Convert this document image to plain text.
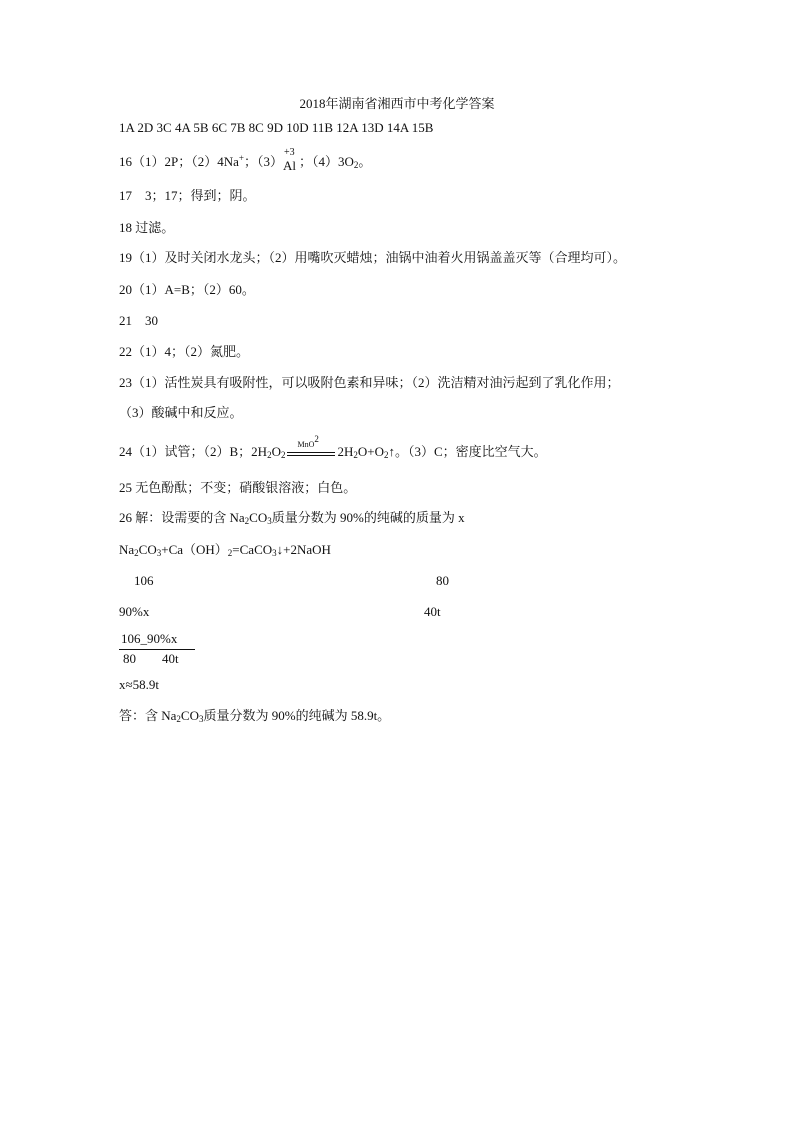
2018年湖南省湘西市中考化学答案
1A 2D 3C 4A 5B 6C 7B 8C 9D 10D 11B 12A 13D 14A 15B
16（1）2P；（2）4Na+；（3）
+3
Al ；$(4)3O_2$。
17　3；17；得到；阴。
18 过滤。
19（1）及时关闭水龙头；（2）用嘴吹灭蜡烛；油锅中油着火用锅盖盖灭等（合理均可）。
20（1）A=B；（2）60。
21　30
22（1）4；（2）氮肥。
23（1）活性炭具有吸附性，可以吸附色素和异味；（2）洗洁精对油污起到了乳化作用；
（3）酸碱中和反应。
24（1）试管；（2）B；$2H_2O_2$
MnO$^2$
$2H_2O+O_2↑$。（3）C；密度比空气大。
25 无色酚酞；不变；硝酸银溶液；白色。
26 解：设需要的含 $Na_2CO_3$质量分数为 90%的纯碱的质量为 x
$Na_2CO_3+Ca(OH)_2=CaCO_3↓+2NaOH$
106	80
90%x	40t
106_90%x
80　　40t
x≈58.9t
答：含 $Na_2CO_3$质量分数为 90%的纯碱为 58.9t。
